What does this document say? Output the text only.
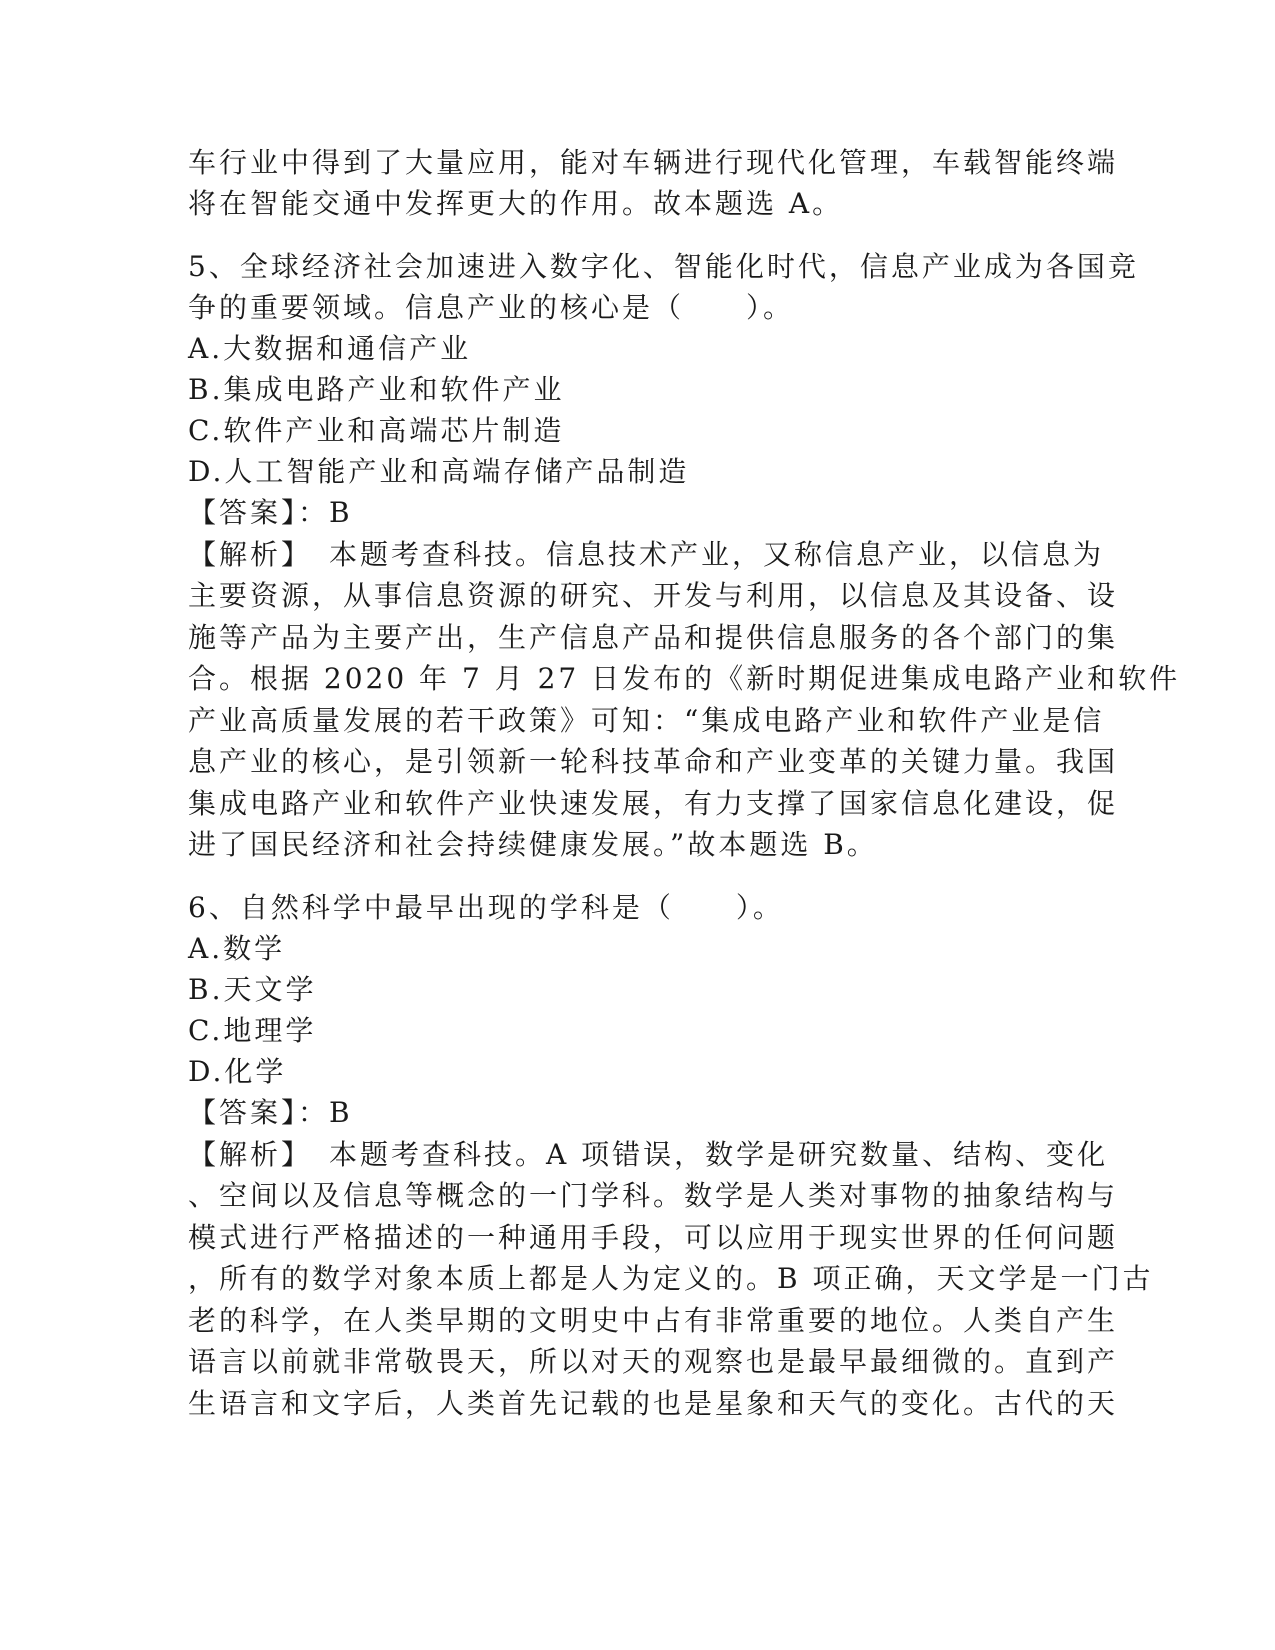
车行业中得到了大量应用，能对车辆进行现代化管理，车载智能终端
将在智能交通中发挥更大的作用。故本题选 A。
5、全球经济社会加速进入数字化、智能化时代，信息产业成为各国竞
争的重要领域。信息产业的核心是（　　）。
A.大数据和通信产业
B.集成电路产业和软件产业
C.软件产业和高端芯片制造
D.人工智能产业和高端存储产品制造
【答案】：B
【解析】　本题考查科技。信息技术产业，又称信息产业，以信息为
主要资源，从事信息资源的研究、开发与利用，以信息及其设备、设
施等产品为主要产出，生产信息产品和提供信息服务的各个部门的集
合。根据 2020 年 7 月 27 日发布的《新时期促进集成电路产业和软件
产业高质量发展的若干政策》可知：“集成电路产业和软件产业是信
息产业的核心，是引领新一轮科技革命和产业变革的关键力量。我国
集成电路产业和软件产业快速发展，有力支撑了国家信息化建设，促
进了国民经济和社会持续健康发展。”故本题选 B。
6、自然科学中最早出现的学科是（　　）。
A.数学
B.天文学
C.地理学
D.化学
【答案】：B
【解析】　本题考查科技。A 项错误，数学是研究数量、结构、变化
、空间以及信息等概念的一门学科。数学是人类对事物的抽象结构与
模式进行严格描述的一种通用手段，可以应用于现实世界的任何问题
，所有的数学对象本质上都是人为定义的。B 项正确，天文学是一门古
老的科学，在人类早期的文明史中占有非常重要的地位。人类自产生
语言以前就非常敬畏天，所以对天的观察也是最早最细微的。直到产
生语言和文字后，人类首先记载的也是星象和天气的变化。古代的天
